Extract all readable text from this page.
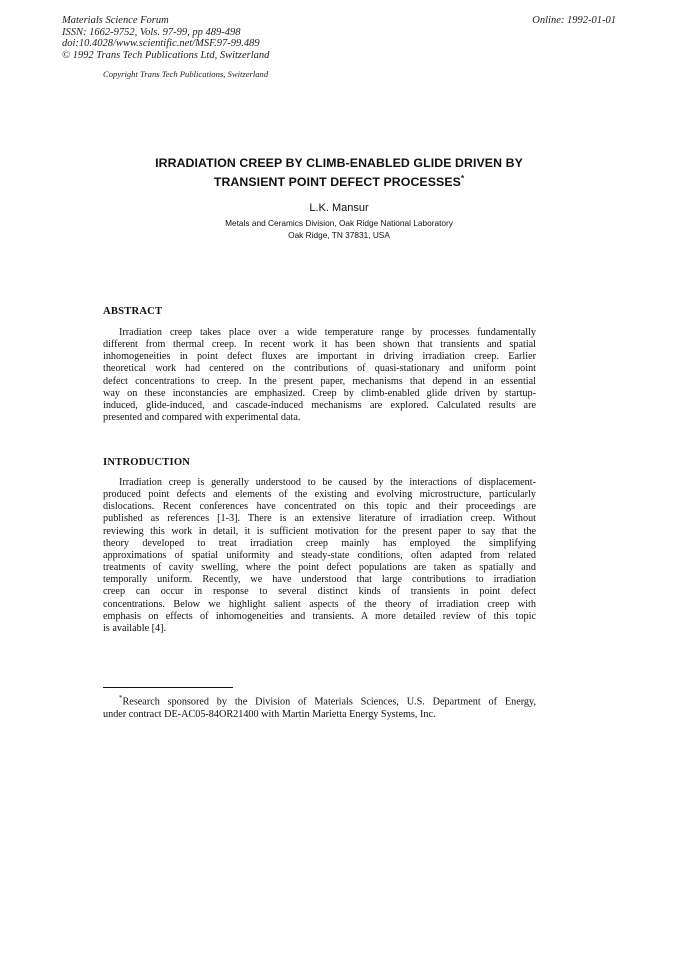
Materials Science Forum
ISSN: 1662-9752, Vols. 97-99, pp 489-498
doi:10.4028/www.scientific.net/MSF.97-99.489
© 1992 Trans Tech Publications Ltd, Switzerland
Online: 1992-01-01
Copyright Trans Tech Publications, Switzerland
IRRADIATION CREEP BY CLIMB-ENABLED GLIDE DRIVEN BY
TRANSIENT POINT DEFECT PROCESSES*
L.K. Mansur
Metals and Ceramics Division, Oak Ridge National Laboratory
Oak Ridge, TN 37831, USA
ABSTRACT
Irradiation creep takes place over a wide temperature range by processes fundamentally
different from thermal creep. In recent work it has been shown that transients and spatial
inhomogeneities in point defect fluxes are important in driving irradiation creep. Earlier
theoretical work had centered on the contributions of quasi-stationary and uniform point
defect concentrations to creep. In the present paper, mechanisms that depend in an essential
way on these inconstancies are emphasized. Creep by climb-enabled glide driven by startup-
induced, glide-induced, and cascade-induced mechanisms are explored. Calculated results are
presented and compared with experimental data.
INTRODUCTION
Irradiation creep is generally understood to be caused by the interactions of displacement-
produced point defects and elements of the existing and evolving microstructure, particularly
dislocations. Recent conferences have concentrated on this topic and their proceedings are
published as references [1-3]. There is an extensive literature of irradiation creep. Without
reviewing this work in detail, it is sufficient motivation for the present paper to say that the
theory developed to treat irradiation creep mainly has employed the simplifying
approximations of spatial uniformity and steady-state conditions, often adapted from related
treatments of cavity swelling, where the point defect populations are taken as spatially and
temporally uniform. Recently, we have understood that large contributions to irradiation
creep can occur in response to several distinct kinds of transients in point defect
concentrations. Below we highlight salient aspects of the theory of irradiation creep with
emphasis on effects of inhomogeneities and transients. A more detailed review of this topic
is available [4].
*Research sponsored by the Division of Materials Sciences, U.S. Department of Energy,
under contract DE-AC05-84OR21400 with Martin Marietta Energy Systems, Inc.
